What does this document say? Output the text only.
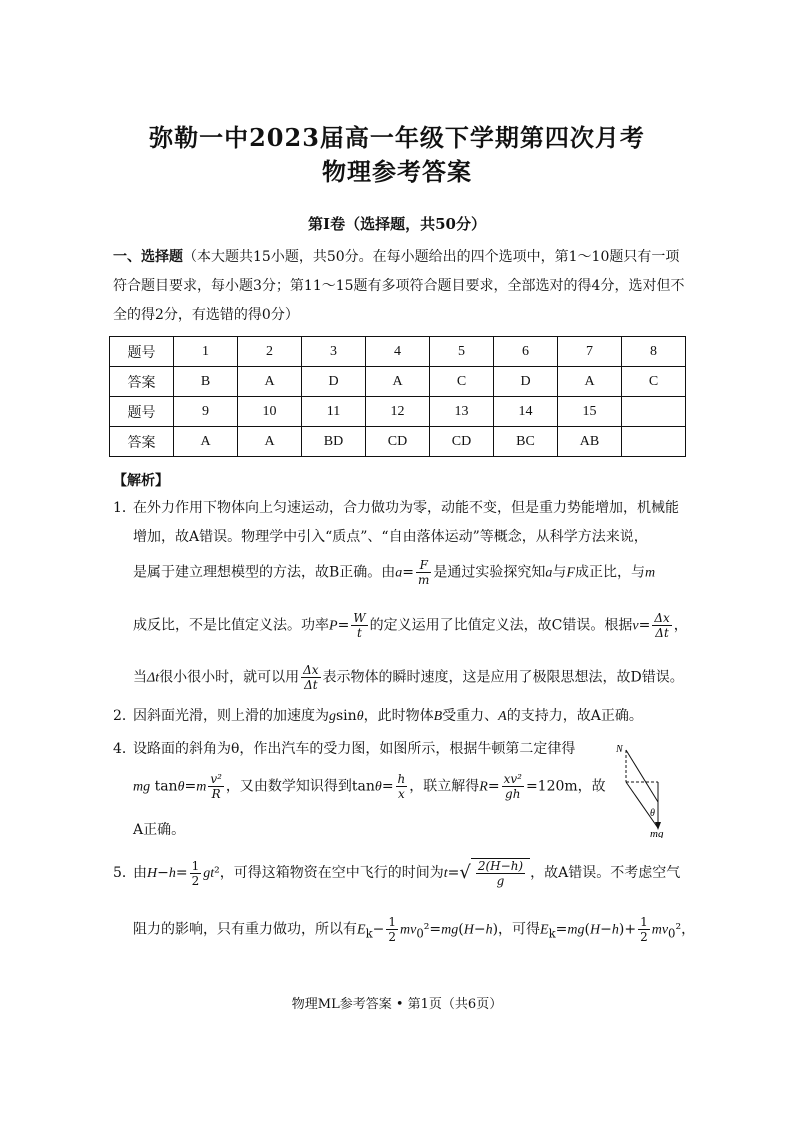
弥勒一中2023届高一年级下学期第四次月考
物理参考答案
第Ⅰ卷（选择题，共50分）
一、选择题（本大题共15小题，共50分。在每小题给出的四个选项中，第1～10题只有一项符合题目要求，每小题3分；第11～15题有多项符合题目要求，全部选对的得4分，选对但不全的得2分，有选错的得0分）
题号	1	2	3	4	5	6	7	8
答案	B	A	D	A	C	D	A	C
题号	9	10	11	12	13	14	15	
答案	A	A	BD	CD	CD	BC	AB	
【解析】
1．在外力作用下物体向上匀速运动，合力做功为零，动能不变，但是重力势能增加，机械能
增加，故A错误。物理学中引入“质点”、“自由落体运动”等概念，从科学方法来说，
是属于建立理想模型的方法，故B正确。由$a= \frac{F}{m}$ 是通过实验探究知a与F成正比，与m
成反比，不是比值定义法。功率$P= \frac{W}{t}$ 的定义运用了比值定义法，故C错误。根据$v= \frac{\Delta x}{\Delta t}$ ，
当Δt很小很小时，就可以用 $\frac{\Delta x}{\Delta t}$ 表示物体的瞬时速度，这是应用了极限思想法，故D错误。
2．因斜面光滑，则上滑的加速度为gsinθ，此时物体B受重力、A的支持力，故A正确。
4．设路面的斜角为θ，作出汽车的受力图，如图所示，根据牛顿第二定律得
mg $\tan\theta=m \frac{\text{v²}}{R}$ ，又由数学知识得到$\tan\theta= \frac{h}{x}$ ，联立解得$R= \frac{\text{xv²}}{gh} =120m$，故
A正确。
N
θ
mg
5．由$H-h= \frac{1}{2} gt^2$，可得这箱物资在空中飞行的时间为$t=√ \frac{2(H-h)}{g}$ ，故A错误。不考虑空气
阻力的影响，只有重力做功，所以有$E_k- \frac{1}{2} mv_0^2=mg(H-h)$，可得$E_k=mg(H-h)+ \frac{1}{2} mv_0^2$，
物理ML参考答案 • 第1页（共6页）
